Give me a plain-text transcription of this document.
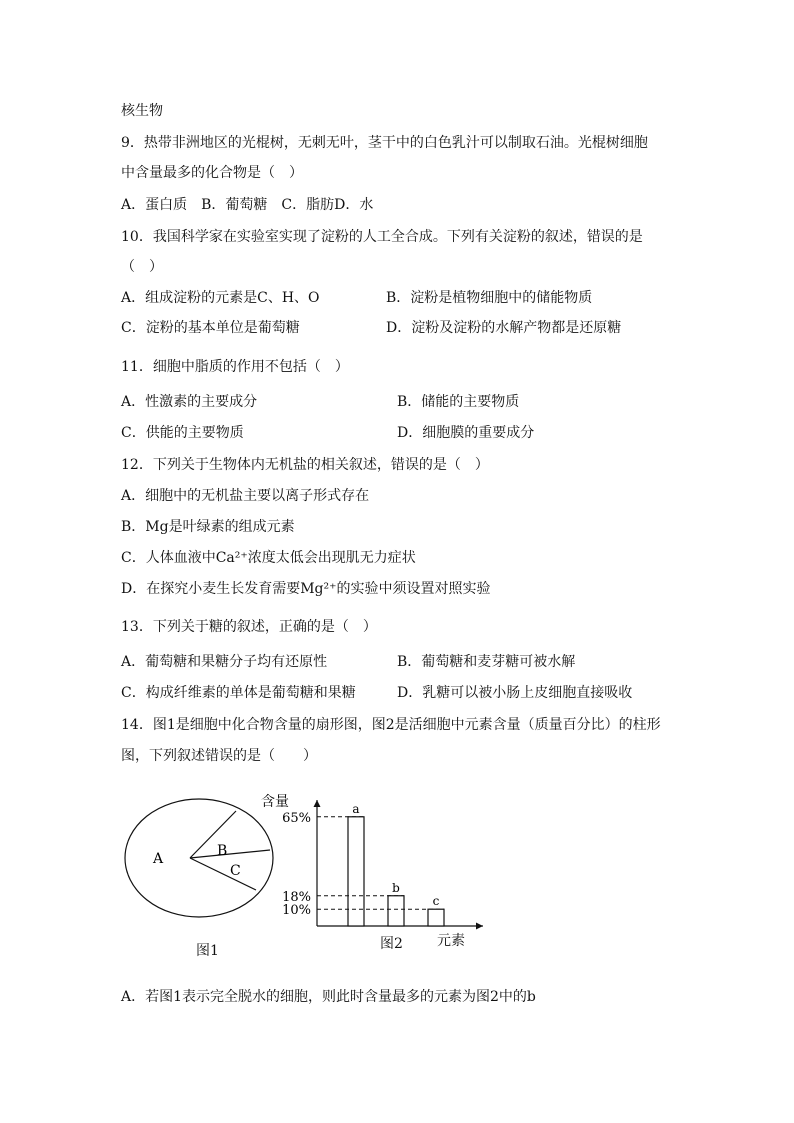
核生物
9．热带非洲地区的光棍树，无刺无叶，茎干中的白色乳汁可以制取石油。光棍树细胞
中含量最多的化合物是（　）
A．蛋白质　B．葡萄糖　C．脂肪D．水
10．我国科学家在实验室实现了淀粉的人工全合成。下列有关淀粉的叙述，错误的是
（　）
A．组成淀粉的元素是C、H、O	B．淀粉是植物细胞中的储能物质
C．淀粉的基本单位是葡萄糖	D．淀粉及淀粉的水解产物都是还原糖
11．细胞中脂质的作用不包括（　）
A．性激素的主要成分	B．储能的主要物质
C．供能的主要物质	D．细胞膜的重要成分
12．下列关于生物体内无机盐的相关叙述，错误的是（　）
A．细胞中的无机盐主要以离子形式存在
B．Mg是叶绿素的组成元素
C．人体血液中Ca²⁺浓度太低会出现肌无力症状
D．在探究小麦生长发育需要Mg²⁺的实验中须设置对照实验
13．下列关于糖的叙述，正确的是（　）
A．葡萄糖和果糖分子均有还原性	B．葡萄糖和麦芽糖可被水解
C．构成纤维素的单体是葡萄糖和果糖	D．乳糖可以被小肠上皮细胞直接吸收
14．图1是细胞中化合物含量的扇形图，图2是活细胞中元素含量（质量百分比）的柱形
图，下列叙述错误的是（　　）
A	B
C
图1
含量	a
65%
b
18%	c
10%
图2 元素
A．若图1表示完全脱水的细胞，则此时含量最多的元素为图2中的b
